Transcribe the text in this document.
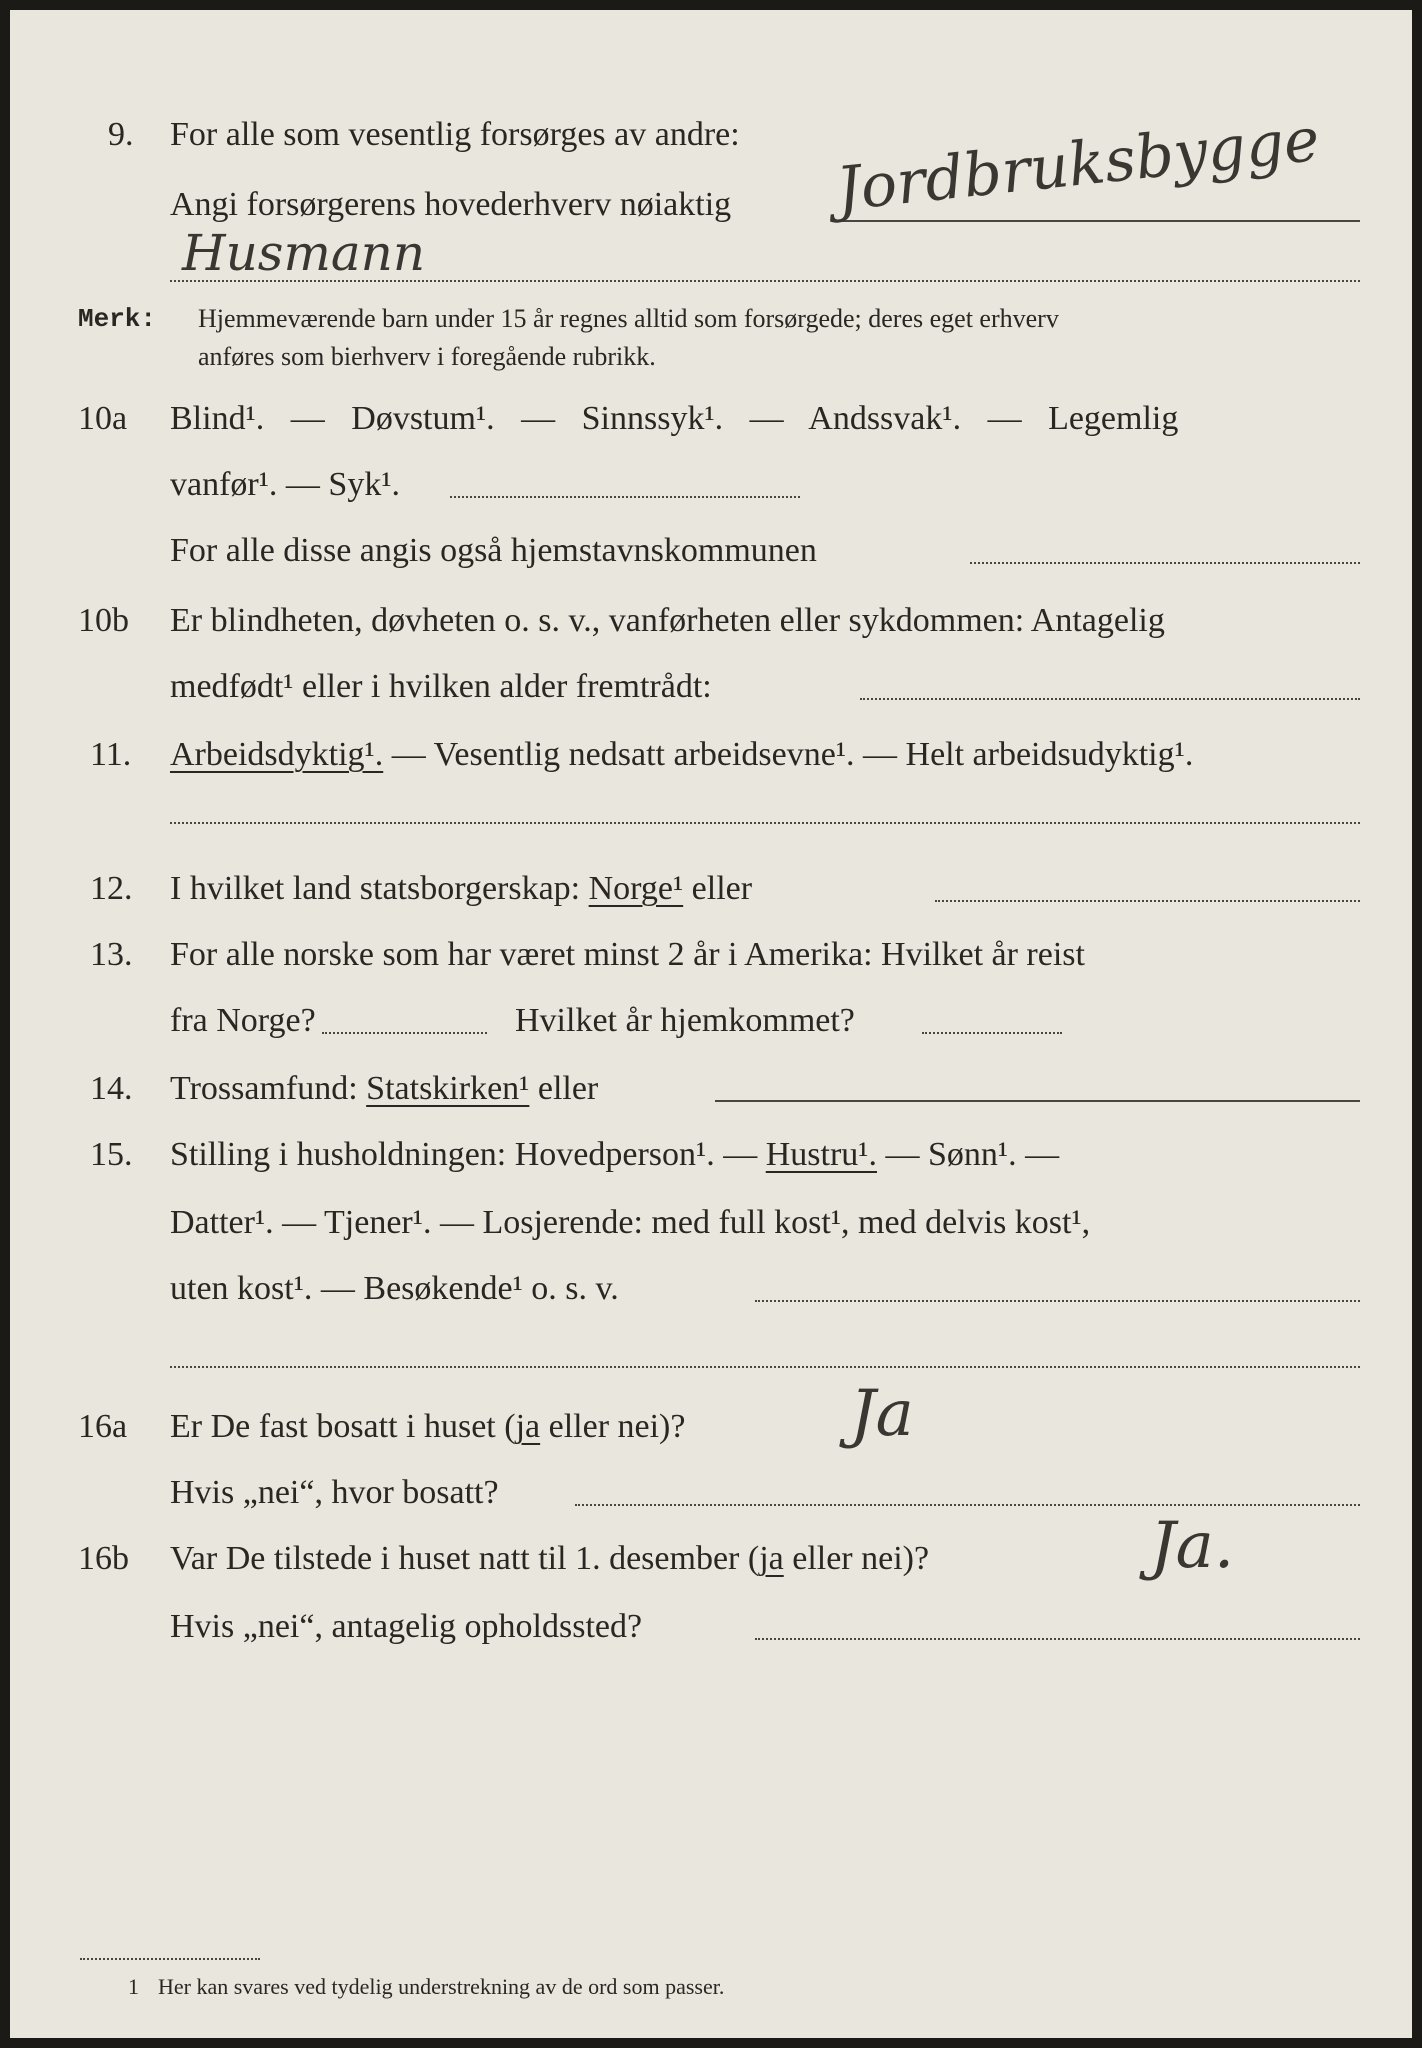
9. For alle som vesentlig forsørges av andre:
Angi forsørgerens hovederhverv nøiaktig Jordbruksbygge
Husmann
Merk: Hjemmeværende barn under 15 år regnes alltid som forsørgede; deres eget erhverv
anføres som bierhverv i foregående rubrikk.
10a Blind¹. — Døvstum¹. — Sinnssyk¹. — Andssvak¹. — Legemlig
vanfør¹. — Syk¹.
For alle disse angis også hjemstavnskommunen
10b Er blindheten, døvheten o. s. v., vanførheten eller sykdommen: Antagelig
medfødt¹ eller i hvilken alder fremtrådt:
11. Arbeidsdyktig¹. — Vesentlig nedsatt arbeidsevne¹. — Helt arbeidsudyktig¹.
12. I hvilket land statsborgerskap: Norge¹ eller
13. For alle norske som har været minst 2 år i Amerika: Hvilket år reist
fra Norge?	Hvilket år hjemkommet?
14. Trossamfund: Statskirken¹ eller
15. Stilling i husholdningen: Hovedperson¹. — Hustru¹. — Sønn¹. —
Datter¹. — Tjener¹. — Losjerende: med full kost¹, med delvis kost¹,
uten kost¹. — Besøkende¹ o. s. v.
16a Er De fast bosatt i huset (ja eller nei)?	Ja
Hvis „nei“, hvor bosatt?
16b Var De tilstede i huset natt til 1. desember (ja eller nei)?	Ja.
Hvis „nei“, antagelig opholdssted?
1 Her kan svares ved tydelig understrekning av de ord som passer.
